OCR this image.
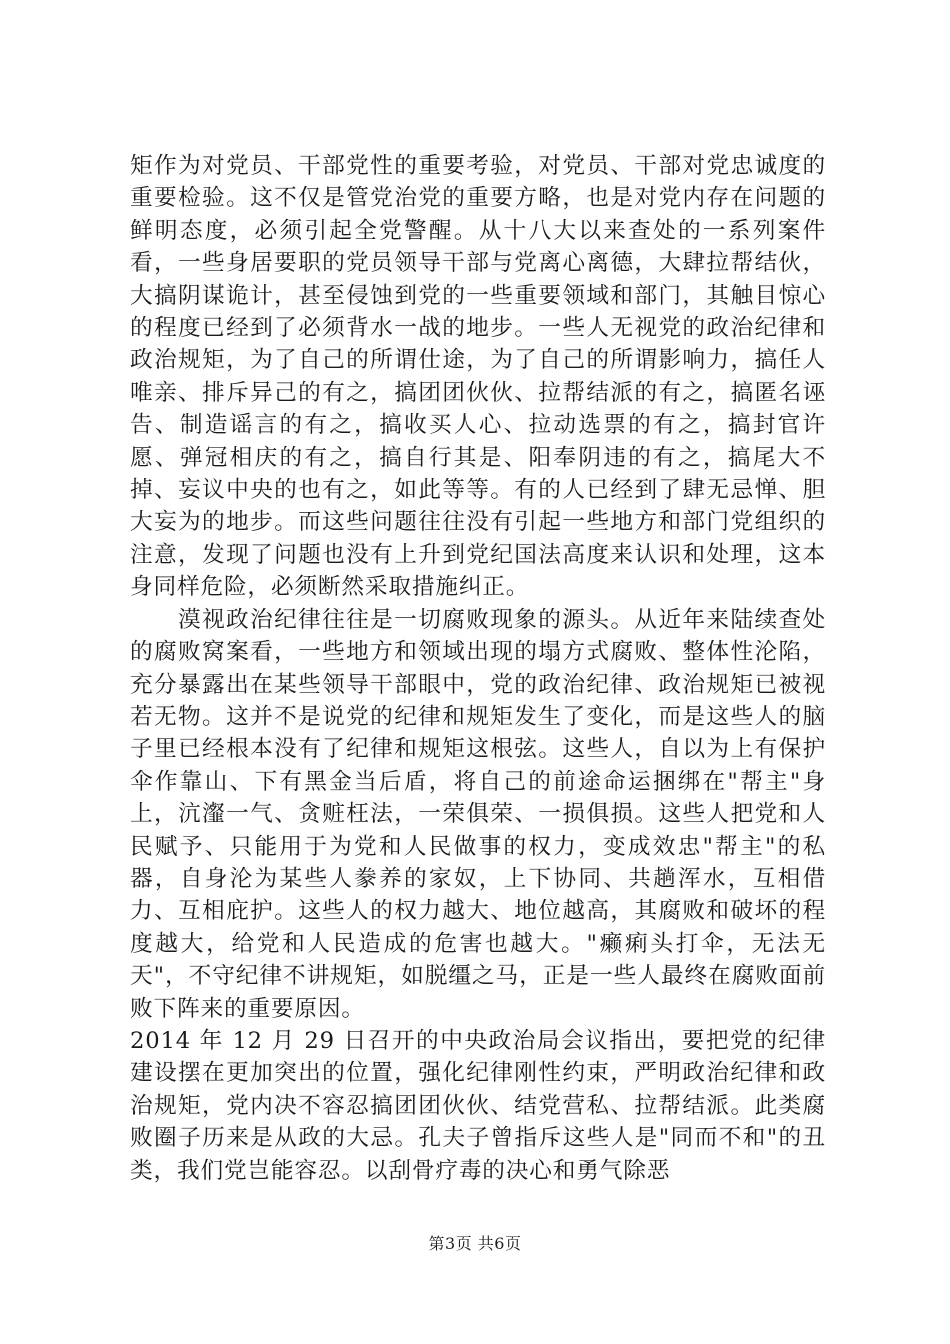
矩作为对党员、干部党性的重要考验，对党员、干部对党忠诚度的重要检验。这不仅是管党治党的重要方略，也是对党内存在问题的鲜明态度，必须引起全党警醒。从十八大以来查处的一系列案件看，一些身居要职的党员领导干部与党离心离德，大肆拉帮结伙，大搞阴谋诡计，甚至侵蚀到党的一些重要领域和部门，其触目惊心的程度已经到了必须背水一战的地步。一些人无视党的政治纪律和政治规矩，为了自己的所谓仕途，为了自己的所谓影响力，搞任人唯亲、排斥异己的有之，搞团团伙伙、拉帮结派的有之，搞匿名诬告、制造谣言的有之，搞收买人心、拉动选票的有之，搞封官许愿、弹冠相庆的有之，搞自行其是、阳奉阴违的有之，搞尾大不掉、妄议中央的也有之，如此等等。有的人已经到了肆无忌惮、胆大妄为的地步。而这些问题往往没有引起一些地方和部门党组织的注意，发现了问题也没有上升到党纪国法高度来认识和处理，这本身同样危险，必须断然采取措施纠正。

漠视政治纪律往往是一切腐败现象的源头。从近年来陆续查处的腐败窝案看，一些地方和领域出现的塌方式腐败、整体性沦陷，充分暴露出在某些领导干部眼中，党的政治纪律、政治规矩已被视若无物。这并不是说党的纪律和规矩发生了变化，而是这些人的脑子里已经根本没有了纪律和规矩这根弦。这些人，自以为上有保护伞作靠山、下有黑金当后盾，将自己的前途命运捆绑在"帮主"身上，沆瀣一气、贪赃枉法，一荣俱荣、一损俱损。这些人把党和人民赋予、只能用于为党和人民做事的权力，变成效忠"帮主"的私器，自身沦为某些人豢养的家奴，上下协同、共趟浑水，互相借力、互相庇护。这些人的权力越大、地位越高，其腐败和破坏的程度越大，给党和人民造成的危害也越大。"癞痢头打伞，无法无天"，不守纪律不讲规矩，如脱缰之马，正是一些人最终在腐败面前败下阵来的重要原因。

2014 年 12 月 29 日召开的中央政治局会议指出，要把党的纪律建设摆在更加突出的位置，强化纪律刚性约束，严明政治纪律和政治规矩，党内决不容忍搞团团伙伙、结党营私、拉帮结派。此类腐败圈子历来是从政的大忌。孔夫子曾指斥这些人是"同而不和"的丑类，我们党岂能容忍。以刮骨疗毒的决心和勇气除恶

第3页 共6页
